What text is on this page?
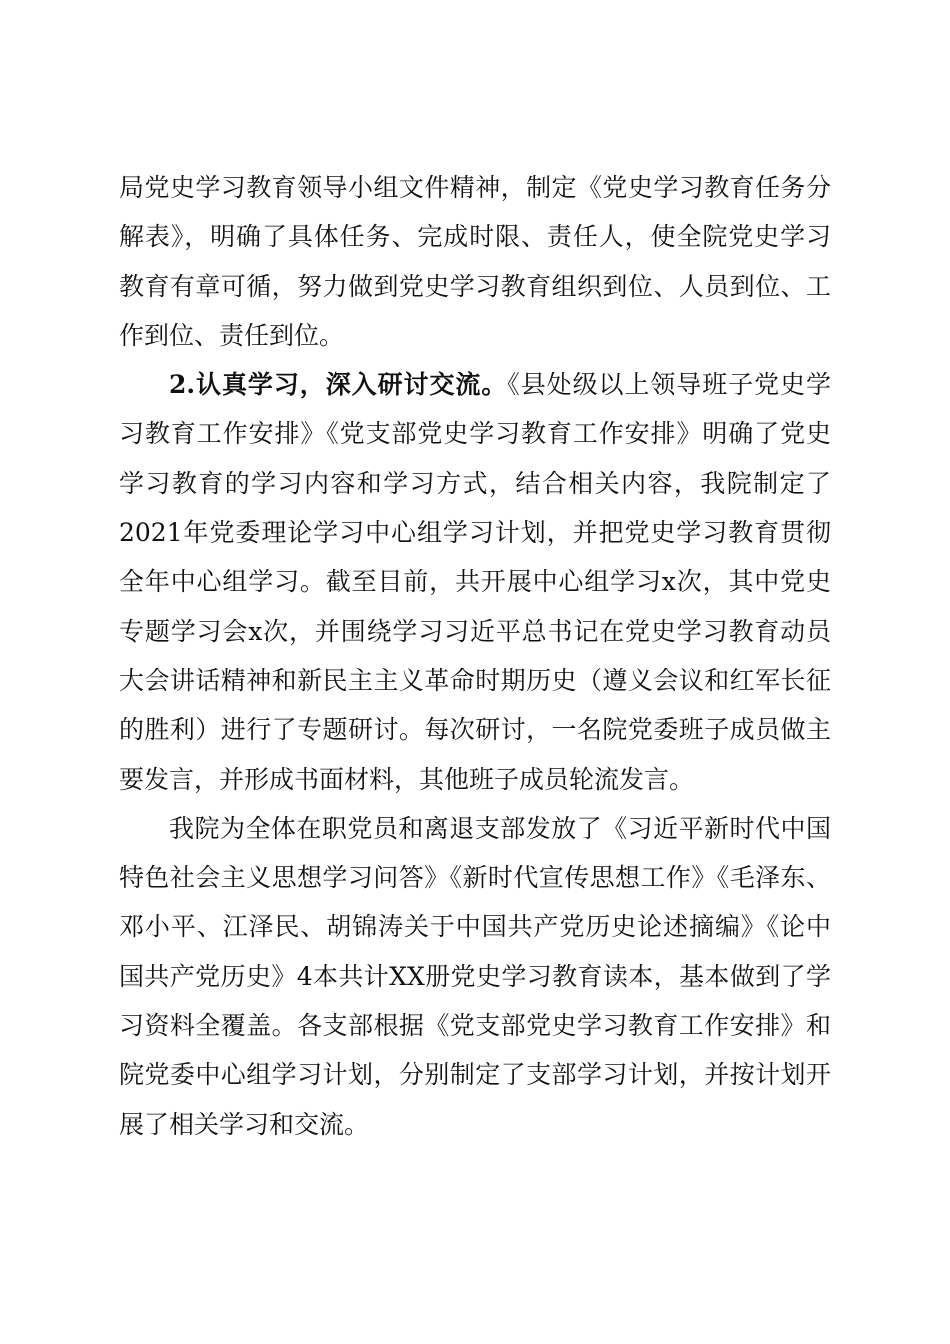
局党史学习教育领导小组文件精神，制定《党史学习教育任务分解表》，明确了具体任务、完成时限、责任人，使全院党史学习教育有章可循，努力做到党史学习教育组织到位、人员到位、工作到位、责任到位。

2.认真学习，深入研讨交流。《县处级以上领导班子党史学习教育工作安排》《党支部党史学习教育工作安排》明确了党史学习教育的学习内容和学习方式，结合相关内容，我院制定了2021年党委理论学习中心组学习计划，并把党史学习教育贯彻全年中心组学习。截至目前，共开展中心组学习x次，其中党史专题学习会x次，并围绕学习习近平总书记在党史学习教育动员大会讲话精神和新民主主义革命时期历史（遵义会议和红军长征的胜利）进行了专题研讨。每次研讨，一名院党委班子成员做主要发言，并形成书面材料，其他班子成员轮流发言。

我院为全体在职党员和离退支部发放了《习近平新时代中国特色社会主义思想学习问答》《新时代宣传思想工作》《毛泽东、邓小平、江泽民、胡锦涛关于中国共产党历史论述摘编》《论中国共产党历史》4本共计XX册党史学习教育读本，基本做到了学习资料全覆盖。各支部根据《党支部党史学习教育工作安排》和院党委中心组学习计划，分别制定了支部学习计划，并按计划开展了相关学习和交流。
